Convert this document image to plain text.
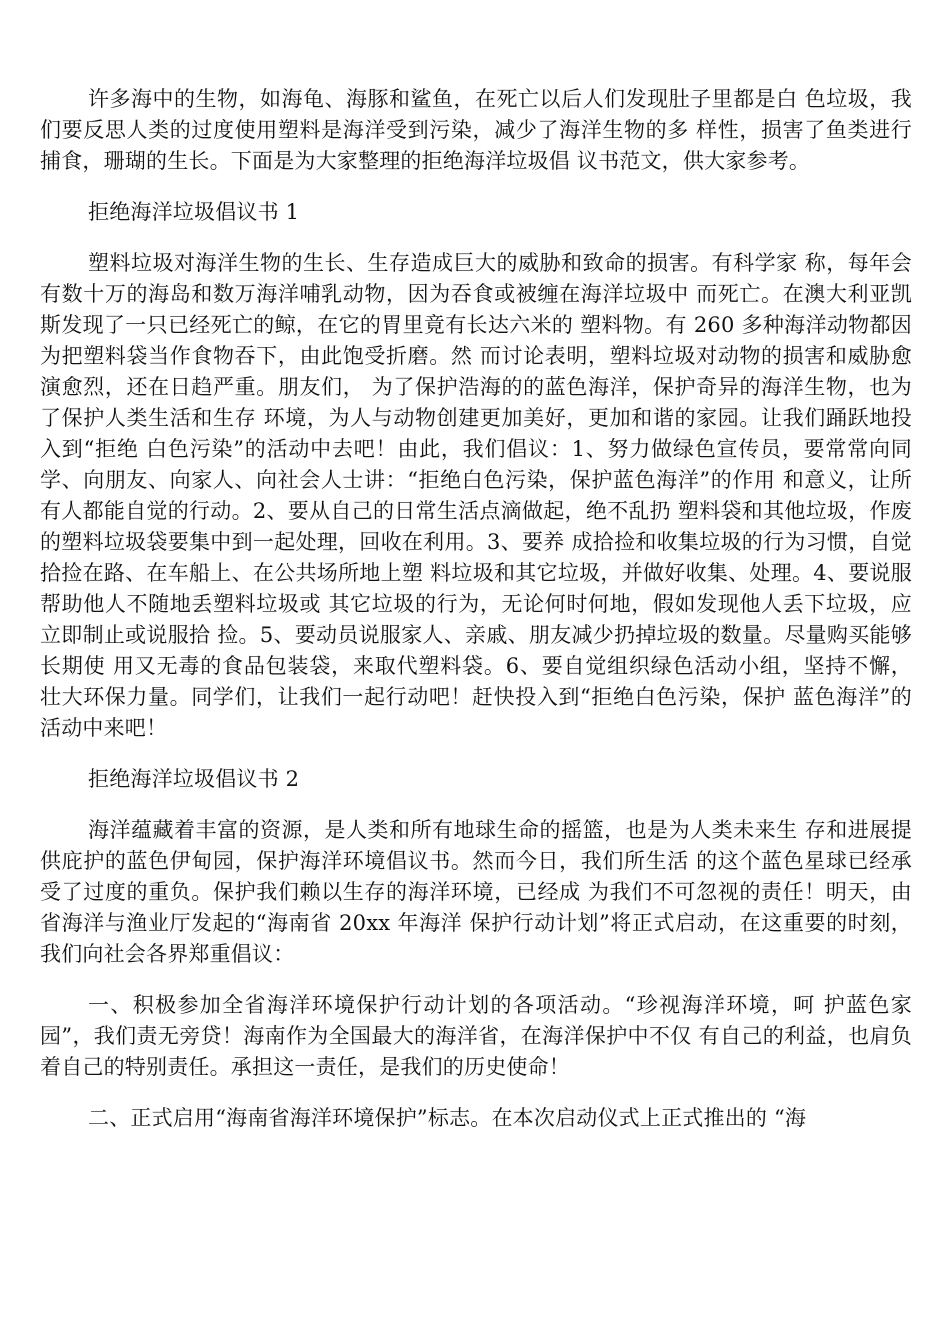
许多海中的生物，如海龟、海豚和鲨鱼，在死亡以后人们发现肚子里都是白 色垃圾，我们要反思人类的过度使用塑料是海洋受到污染，减少了海洋生物的多 样性，损害了鱼类进行捕食，珊瑚的生长。下面是为大家整理的拒绝海洋垃圾倡 议书范文，供大家参考。

拒绝海洋垃圾倡议书 1

塑料垃圾对海洋生物的生长、生存造成巨大的威胁和致命的损害。有科学家 称，每年会有数十万的海岛和数万海洋哺乳动物，因为吞食或被缠在海洋垃圾中 而死亡。在澳大利亚凯斯发现了一只已经死亡的鲸，在它的胃里竟有长达六米的 塑料物。有 260 多种海洋动物都因为把塑料袋当作食物吞下，由此饱受折磨。然 而讨论表明，塑料垃圾对动物的损害和威胁愈演愈烈，还在日趋严重。朋友们， 为了保护浩海的的蓝色海洋，保护奇异的海洋生物，也为了保护人类生活和生存 环境，为人与动物创建更加美好，更加和谐的家园。让我们踊跃地投入到“拒绝 白色污染”的活动中去吧！由此，我们倡议：1、努力做绿色宣传员，要常常向同 学、向朋友、向家人、向社会人士讲：“拒绝白色污染，保护蓝色海洋”的作用 和意义，让所有人都能自觉的行动。2、要从自己的日常生活点滴做起，绝不乱扔 塑料袋和其他垃圾，作废的塑料垃圾袋要集中到一起处理，回收在利用。3、要养 成拾捡和收集垃圾的行为习惯，自觉拾捡在路、在车船上、在公共场所地上塑 料垃圾和其它垃圾，并做好收集、处理。4、要说服帮助他人不随地丢塑料垃圾或 其它垃圾的行为，无论何时何地，假如发现他人丢下垃圾，应立即制止或说服拾 捡。5、要动员说服家人、亲戚、朋友减少扔掉垃圾的数量。尽量购买能够长期使 用又无毒的食品包装袋，来取代塑料袋。6、要自觉组织绿色活动小组，坚持不懈， 壮大环保力量。同学们，让我们一起行动吧！赶快投入到“拒绝白色污染，保护 蓝色海洋”的活动中来吧！

拒绝海洋垃圾倡议书 2

海洋蕴藏着丰富的资源，是人类和所有地球生命的摇篮，也是为人类未来生 存和进展提供庇护的蓝色伊甸园，保护海洋环境倡议书。然而今日，我们所生活 的这个蓝色星球已经承受了过度的重负。保护我们赖以生存的海洋环境，已经成 为我们不可忽视的责任！明天，由省海洋与渔业厅发起的“海南省 20xx 年海洋 保护行动计划”将正式启动，在这重要的时刻，我们向社会各界郑重倡议：

一、积极参加全省海洋环境保护行动计划的各项活动。“珍视海洋环境，呵 护蓝色家园”，我们责无旁贷！海南作为全国最大的海洋省，在海洋保护中不仅 有自己的利益，也肩负着自己的特别责任。承担这一责任，是我们的历史使命！

二、正式启用“海南省海洋环境保护”标志。在本次启动仪式上正式推出的 “海
